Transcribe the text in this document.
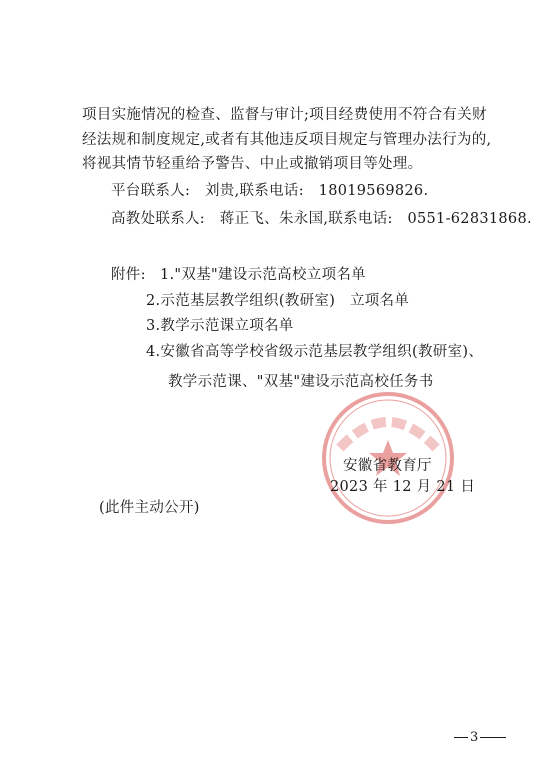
项目实施情况的检查、监督与审计;项目经费使用不符合有关财
经法规和制度规定,或者有其他违反项目规定与管理办法行为的,
将视其情节轻重给予警告、中止或撤销项目等处理。
平台联系人:　刘贵,联系电话:　18019569826.
高教处联系人:　蒋正飞、朱永国,联系电话:　0551-62831868.
附件: 1."双基"建设示范高校立项名单
2.示范基层教学组织(教研室)　立项名单
3.教学示范课立项名单
4.安徽省高等学校省级示范基层教学组织(教研室)、
教学示范课、"双基"建设示范高校任务书
安徽省教育厅
2023 年 12 月 21 日
(此件主动公开)
3
